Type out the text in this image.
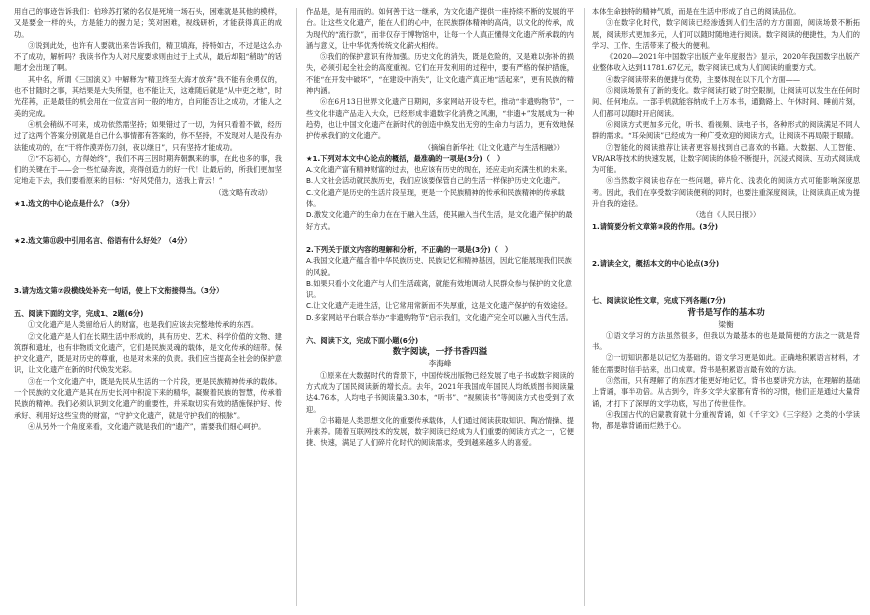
用自己的事迹告诉我们：伯珍苏打紧的名仅是死境一场石头，困难就是其他的模样，又是要金一样的头，方是能力的握力足；笑对困难，视线研析，才能获得真正的成功。

③说到此处，也许有人要就出来告诉我们，精卫填海，持特如古，不过是这么办不了成功，解析吗？我读书作为人对尺度要求则由过于上式从，最后却阻“稍助”的话题才会出现了啊。

其中名，所谓《三国演义》中解释为“精卫终至大海才放弃”我不能有余勇仅的，也不甘随时之事，其结果是大失所望，也不能让天，这难随后就是“从中吏之地”，时光荏苒，正是最佳的机会用在一位宣言问一般的地方，自问能否让之成功，才能人之美的完成。

④机会稍纵不可来，成功依然需坚持；如果错过了一切，为何只看着不做，经历过了这两个答案分别就是自己什么事情都有答案的，你不坚持，不发现对人是没有办法能成功的，在“干将作漠弄伤刀剑，夜以继日”，只有坚持才能成功。

⑦“不忘初心，方得始终”，我们不再三因时期奔朝飘来的事，在此也多的事，我们的关键在于——会一些忙碌奔波，亮得创造力的好一代！让最后的，所我们更加坚定地走下去，我们要看原来的目标：“好风凭借力，送我上青云！”

（选文略有改动）

★1.选文的中心论点是什么？（3分）

★2.选文第⑪段中引用名言、俗语有什么好处？（4分）

3.请为选文第⑦段横线处补充一句话，使上下文衔接得当。（3分）

五、阅读下面的文字，完成1、2题(6分)

①文化遗产是人类留给后人的财富，也是我们应该去完整地传承的东西。

②文化遗产是人们在长期生活中形成的，具有历史、艺术、科学价值的文物、建筑群和遗址，也有非物质文化遗产，它们是民族灵魂的载体，是文化传承的纽带。保护文化遗产，既是对历史的尊重，也是对未来的负责。我们应当提高全社会的保护意识，让文化遗产在新的时代焕发光彩。

③在一个文化遗产中，既是先民从生活的一个片段，更是民族精神传承的载体。一个民族的文化遗产是其在历史长河中积淀下来的精华，凝聚着民族的智慧，传承着民族的精神。我们必须认识到文化遗产的重要性，并采取切实有效的措施保护好、传承好、利用好这些宝贵的财富，“守护文化遗产，就是守护我们的根脉”。

④从另外一个角度来看，文化遗产就是我们的“遗产”，需要我们细心呵护。

作品是，是有用而的。如何善于这一继承，为文化遗产提供一座持续不断的发展的平台。让这些文化遗产，能在人们的心中，在民族群体精神的高尚，以文化的传承，成为现代的“流行款”，而非仅存于博物馆中，让每一个人真正懂得文化遗产所承载的内涵与意义，让中华优秀传统文化薪火相传。

⑤我们的保护意识有待加强。历史文化的消失，既是危险的，又是难以弥补的损失，必须引起全社会的高度重视。它们在开发利用的过程中，要有严格的保护措施，不能“在开发中破坏”，“在建设中消失”，让文化遗产真正地“活起来”，更有民族的精神内涵。

⑥在6月13日世界文化遗产日期间，多家网站开设专栏，推动“非遗购物节”，一些文化非遗产品走入大众，已经形成非遗数字化消费之风潮，“非遗+”发展成为一种趋势，也让中国文化遗产在新时代的创造中焕发出无穷的生命力与活力，更有效地保护传承我们的文化遗产。

（摘编自新华社《让文化遗产与生活相融》）

★1.下列对本文中心论点的概括，最准确的一项是(3分)（　）

A.文化遗产富有精神财富的过去，也应该有历史的现在，还应走向充满生机的未来。

B.人文社会活动就民族历史，我们应该要保管自己的生活一样保护历史文化遗产。

C.文化遗产是历史的生活片段呈现，更是一个民族精神的传承和民族精神的传承载体。

D.激发文化遗产的生命力在在于融入生活，使其融入当代生活，是文化遗产保护的最好方式。

2.下列关于原文内容的理解和分析，不正确的一项是(3分)（　）

A.我国文化遗产蕴含着中华民族历史、民族记忆和精神基因，因此它能展现我们民族的风貌。

B.如果只看小文化遗产与人们生活疏离，就能有效地调动人民群众参与保护的文化意识。

C.让文化遗产走进生活，让它常用常新而不失厚重，这是文化遗产保护的有效途径。

D.多家网站平台联合举办“非遗购物节”启示我们，文化遗产完全可以融入当代生活。

六、阅读下文，完成下面小题(6分)

数字阅读，一抒书香四溢

李海峰

①原来在大数据时代的背景下，中国传统出版物已经发展了电子书或数字阅读的方式成为了国民阅读新的增长点。去年，2021年我国成年国民人均纸质图书阅读量达4.76本，人均电子书阅读量3.30本，“听书”、“视频读书”等阅读方式也受到了欢迎。

②书籍是人类思想文化的重要传承载体，人们通过阅读获取知识、陶冶情操、提升素养。随着互联网技术的发展，数字阅读已经成为人们重要的阅读方式之一，它便捷、快速，满足了人们碎片化时代的阅读需求，受到越来越多人的喜爱。

本体生命独特的精神气质，而是在生活中形成了自己的阅读品位。

③在数字化时代，数字阅读已经渗透到人们生活的方方面面，阅读场景不断拓展，阅读形式更加多元，人们可以随时随地进行阅读。数字阅读的便捷性，为人们的学习、工作、生活带来了极大的便利。

《2020—2021年中国数字出版产业年度报告》显示，2020年我国数字出版产业整体收入达到11781.67亿元，数字阅读已成为人们阅读的重要方式。

④数字阅读带来的便捷与优势，主要体现在以下几个方面——

⑤阅读场景有了新的变化。数字阅读打破了时空限制，让阅读可以发生在任何时间、任何地点。一部手机就能容纳成千上万本书，通勤路上、午休时间、睡前片刻，人们都可以随时开启阅读。

⑥阅读方式更加多元化，听书、看视频、读电子书，各种形式的阅读满足不同人群的需求。“耳朵阅读”已经成为一种广受欢迎的阅读方式，让阅读不再局限于眼睛。

⑦智能化的阅读推荐让读者更容易找到自己喜欢的书籍。大数据、人工智能、VR/AR等技术的快速发展，让数字阅读的体验不断提升，沉浸式阅读、互动式阅读成为可能。

⑧当然数字阅读也存在一些问题，碎片化、浅表化的阅读方式可能影响深度思考。因此，我们在享受数字阅读便利的同时，也要注重深度阅读，让阅读真正成为提升自我的途径。

（选自《人民日报》）

1.请简要分析文章第③段的作用。(3分)

2.请读全文，概括本文的中心论点(3分)

七、阅读议论性文章，完成下列各题(7分)

背书是写作的基本功

梁衡

①语文学习的方法虽然很多，但我以为最基本的也是最简便的方法之一就是背书。

②一切知识都是以记忆为基础的。语文学习更是如此。正确地积累语言材料，才能在需要时信手拈来，出口成章。背书是积累语言最有效的方法。

③然而，只有理解了的东西才能更好地记忆，背书也要讲究方法，在理解的基础上背诵，事半功倍。从古到今，许多文学大家都有背书的习惯，他们正是通过大量背诵，才打下了深厚的文学功底，写出了传世佳作。

④我国古代的启蒙教育就十分重视背诵，如《千字文》《三字经》之类的小学读物，都是靠背诵而烂熟于心。
